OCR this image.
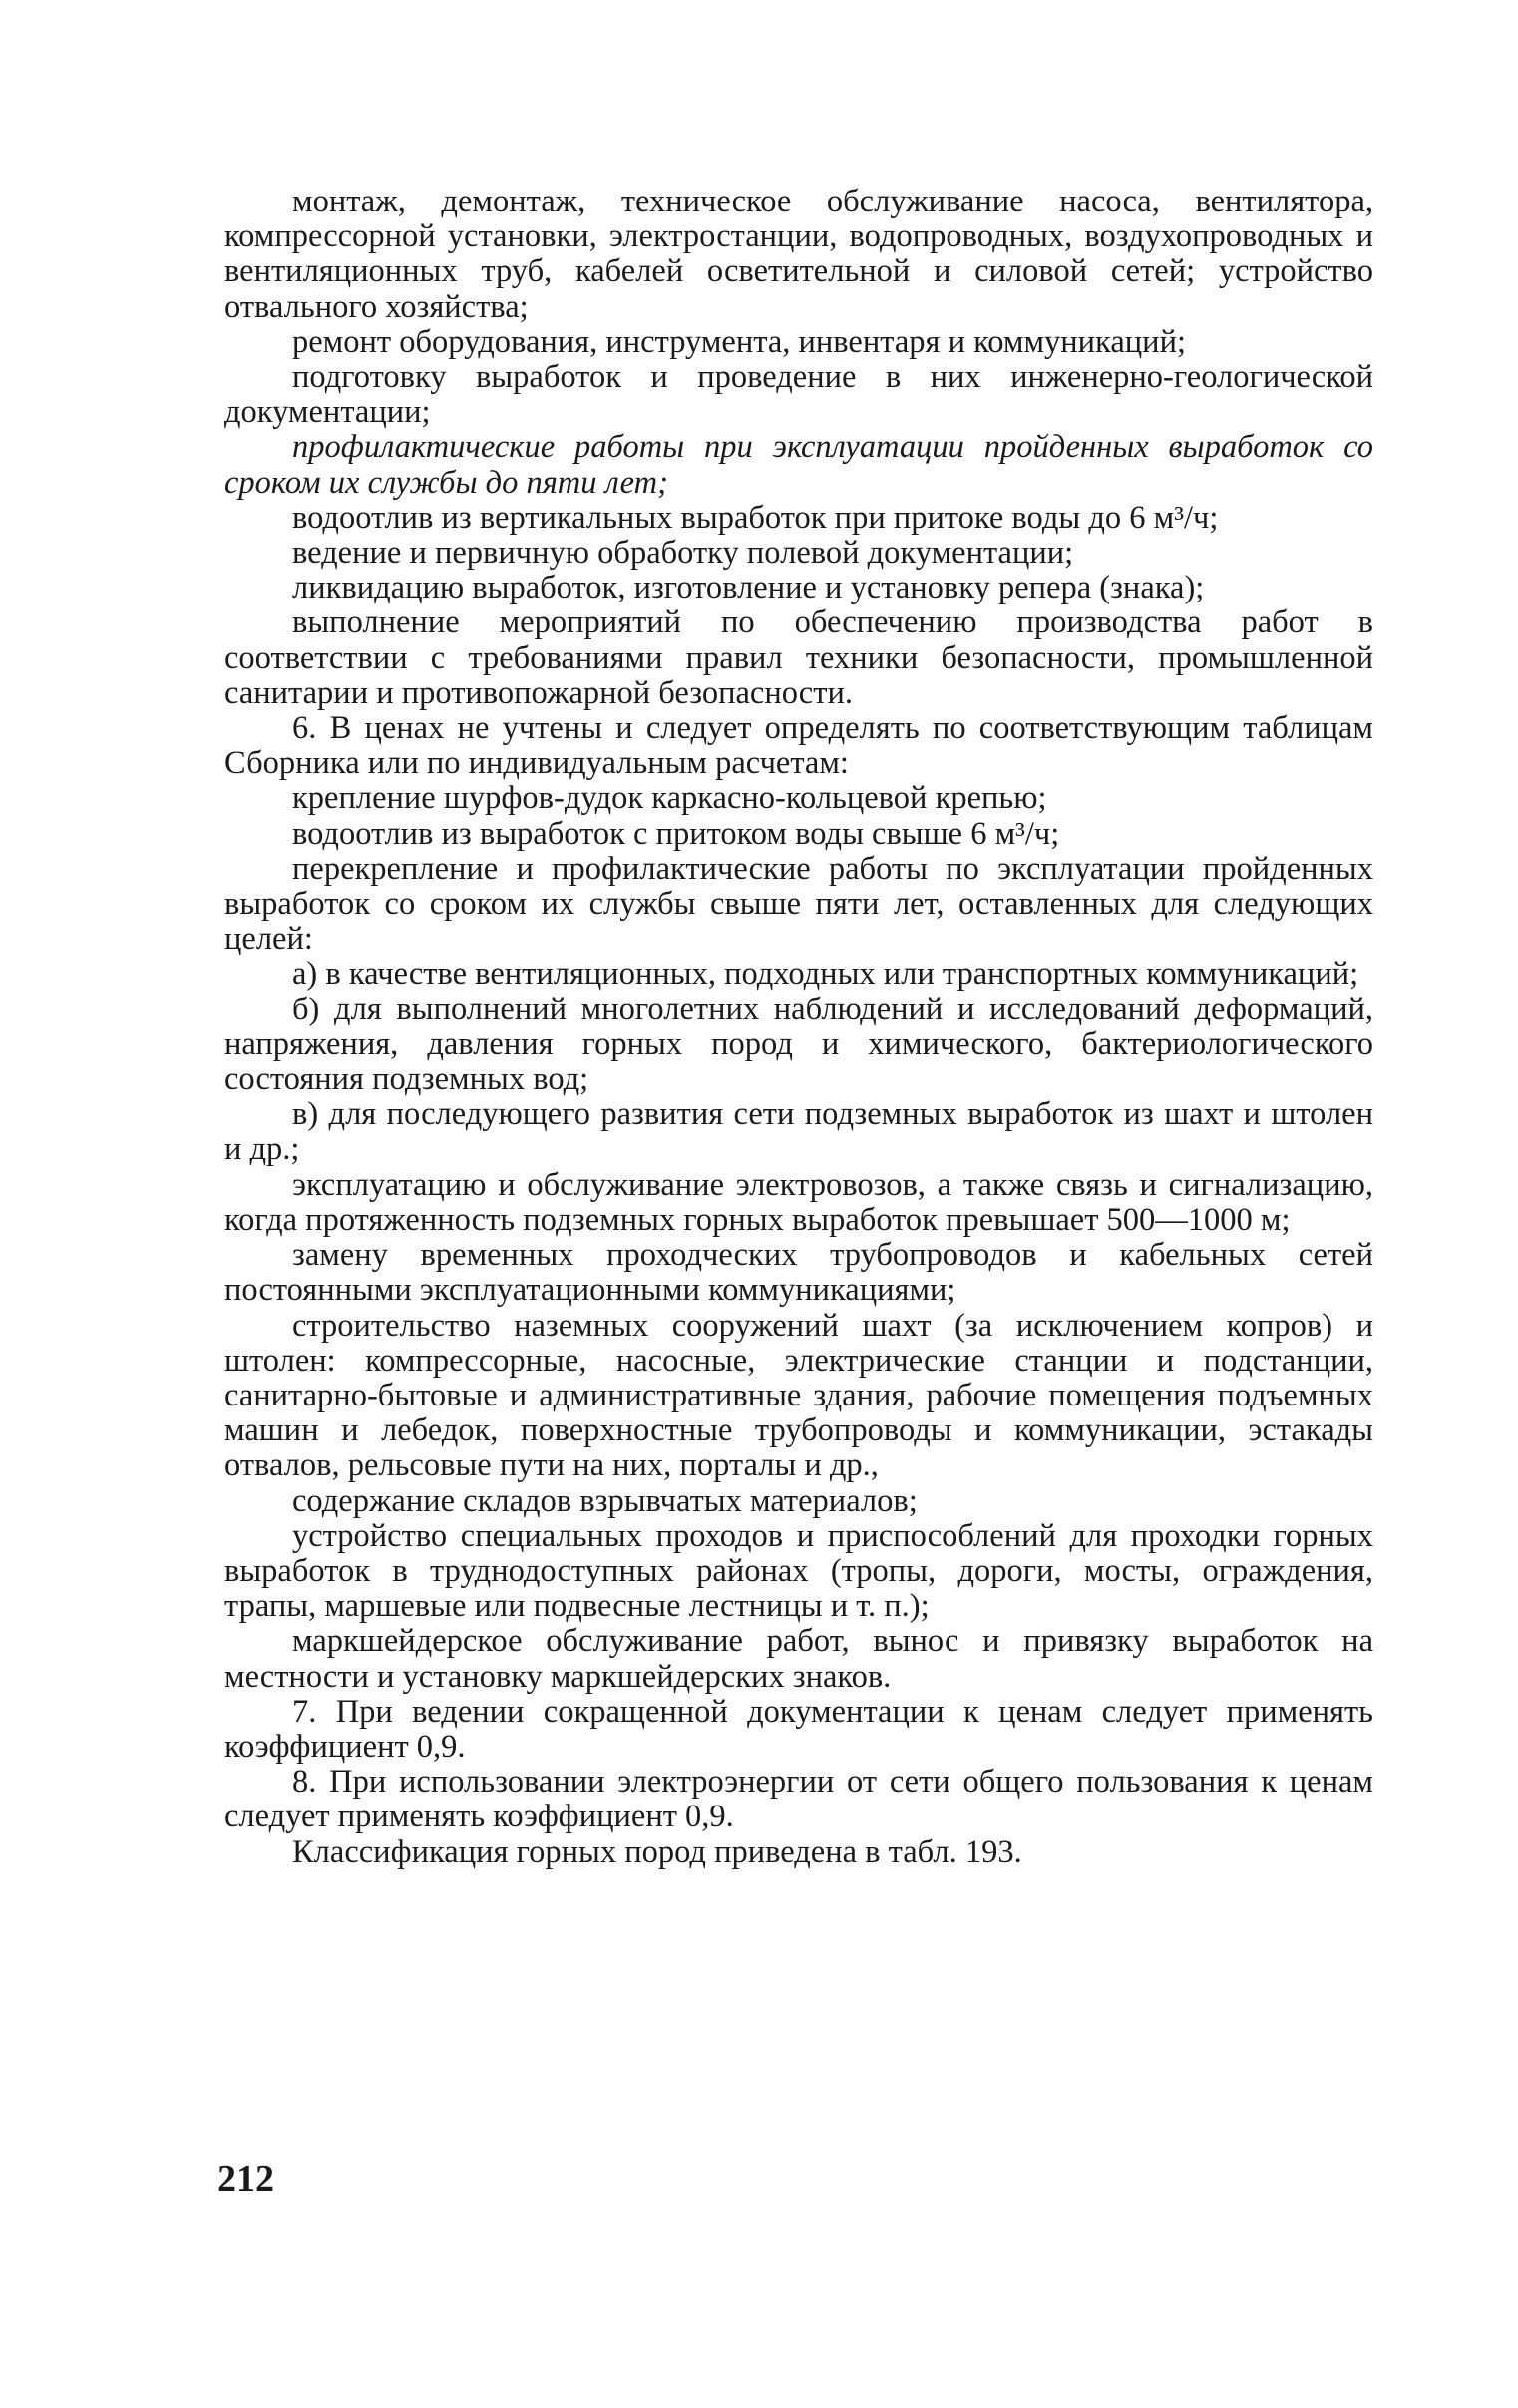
монтаж, демонтаж, техническое обслуживание насоса, вентилятора, компрессорной установки, электростанции, водопроводных, воздухопроводных и вентиляционных труб, кабелей осветительной и силовой сетей; устройство отвального хозяйства;

ремонт оборудования, инструмента, инвентаря и коммуникаций;

подготовку выработок и проведение в них инженерно-геологической документации;

профилактические работы при эксплуатации пройденных выработок со сроком их службы до пяти лет;

водоотлив из вертикальных выработок при притоке воды до 6 м³/ч;

ведение и первичную обработку полевой документации;

ликвидацию выработок, изготовление и установку репера (знака);

выполнение мероприятий по обеспечению производства работ в соответствии с требованиями правил техники безопасности, промышленной санитарии и противопожарной безопасности.

6. В ценах не учтены и следует определять по соответствующим таблицам Сборника или по индивидуальным расчетам:

крепление шурфов-дудок каркасно-кольцевой крепью;

водоотлив из выработок с притоком воды свыше 6 м³/ч;

перекрепление и профилактические работы по эксплуатации пройденных выработок со сроком их службы свыше пяти лет, оставленных для следующих целей:

а) в качестве вентиляционных, подходных или транспортных коммуникаций;

б) для выполнений многолетних наблюдений и исследований деформаций, напряжения, давления горных пород и химического, бактериологического состояния подземных вод;

в) для последующего развития сети подземных выработок из шахт и штолен и др.;

эксплуатацию и обслуживание электровозов, а также связь и сигнализацию, когда протяженность подземных горных выработок превышает 500—1000 м;

замену временных проходческих трубопроводов и кабельных сетей постоянными эксплуатационными коммуникациями;

строительство наземных сооружений шахт (за исключением копров) и штолен: компрессорные, насосные, электрические станции и подстанции, санитарно-бытовые и административные здания, рабочие помещения подъемных машин и лебедок, поверхностные трубопроводы и коммуникации, эстакады отвалов, рельсовые пути на них, порталы и др.,

содержание складов взрывчатых материалов;

устройство специальных проходов и приспособлений для проходки горных выработок в труднодоступных районах (тропы, дороги, мосты, ограждения, трапы, маршевые или подвесные лестницы и т. п.);

маркшейдерское обслуживание работ, вынос и привязку выработок на местности и установку маркшейдерских знаков.

7. При ведении сокращенной документации к ценам следует применять коэффициент 0,9.

8. При использовании электроэнергии от сети общего пользования к ценам следует применять коэффициент 0,9.

Классификация горных пород приведена в табл. 193.

212
